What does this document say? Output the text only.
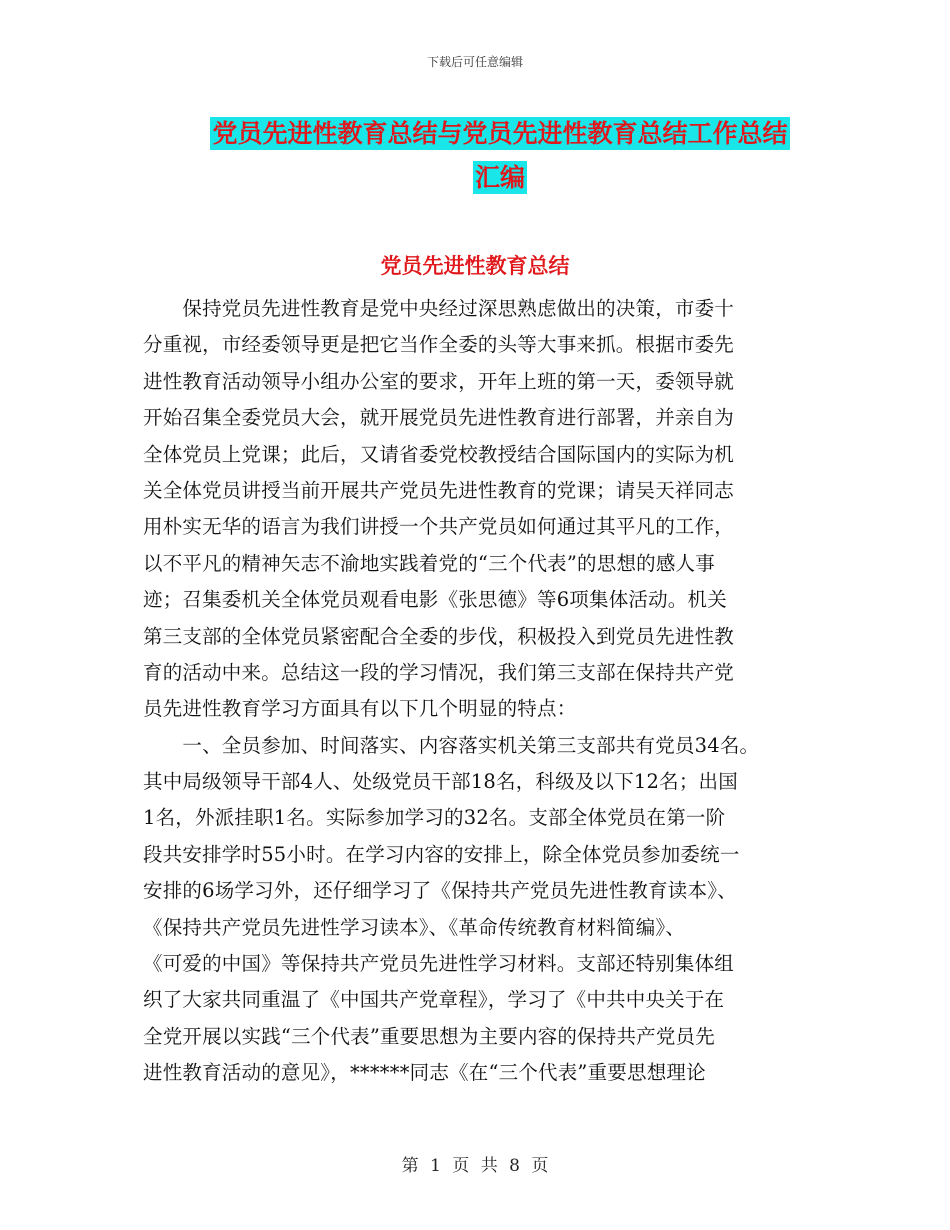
下载后可任意编辑
党员先进性教育总结与党员先进性教育总结工作总结
汇编
党员先进性教育总结
　　保持党员先进性教育是党中央经过深思熟虑做出的决策，市委十
分重视，市经委领导更是把它当作全委的头等大事来抓。根据市委先
进性教育活动领导小组办公室的要求，开年上班的第一天，委领导就
开始召集全委党员大会，就开展党员先进性教育进行部署，并亲自为
全体党员上党课；此后，又请省委党校教授结合国际国内的实际为机
关全体党员讲授当前开展共产党员先进性教育的党课；请吴天祥同志
用朴实无华的语言为我们讲授一个共产党员如何通过其平凡的工作，
以不平凡的精神矢志不渝地实践着党的“三个代表”的思想的感人事
迹；召集委机关全体党员观看电影《张思德》等6项集体活动。机关
第三支部的全体党员紧密配合全委的步伐，积极投入到党员先进性教
育的活动中来。总结这一段的学习情况，我们第三支部在保持共产党
员先进性教育学习方面具有以下几个明显的特点：
　　一、全员参加、时间落实、内容落实机关第三支部共有党员34名。
其中局级领导干部4人、处级党员干部18名，科级及以下12名；出国
1名，外派挂职1名。实际参加学习的32名。支部全体党员在第一阶
段共安排学时55小时。在学习内容的安排上，除全体党员参加委统一
安排的6场学习外，还仔细学习了《保持共产党员先进性教育读本》、
《保持共产党员先进性学习读本》、《革命传统教育材料简编》、
《可爱的中国》等保持共产党员先进性学习材料。支部还特别集体组
织了大家共同重温了《中国共产党章程》，学习了《中共中央关于在
全党开展以实践“三个代表”重要思想为主要内容的保持共产党员先
进性教育活动的意见》，******同志《在“三个代表”重要思想理论
第 1 页 共 8 页
